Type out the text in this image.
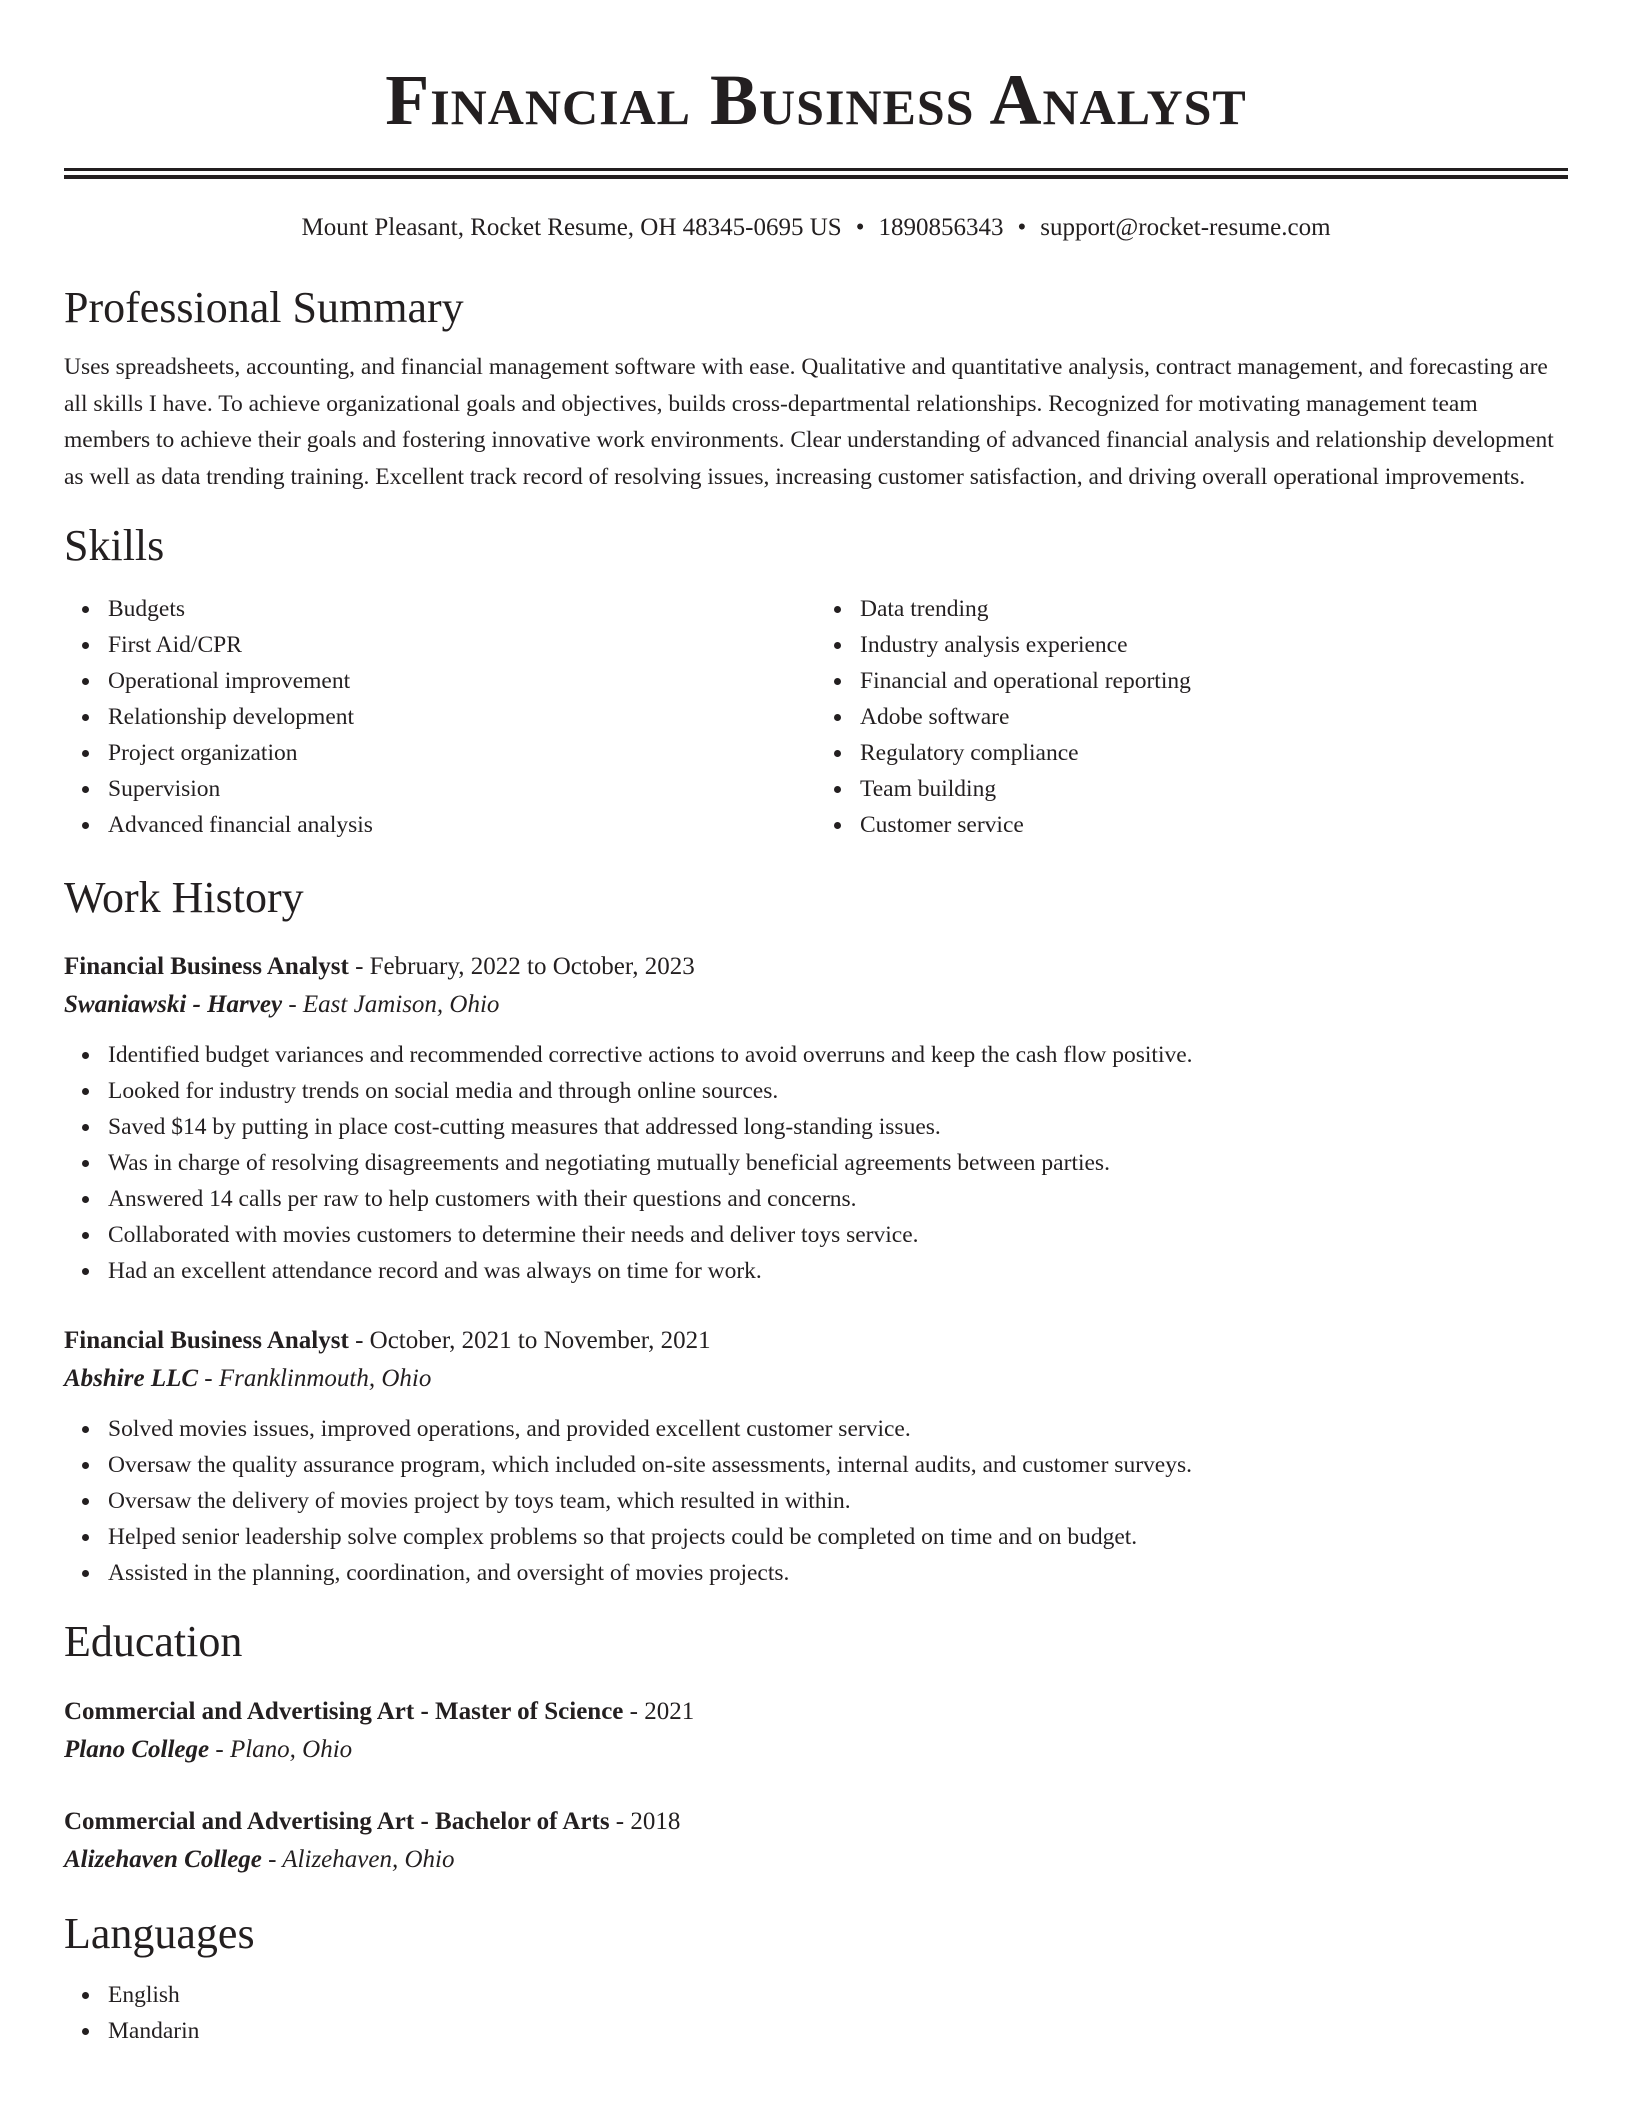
Financial Business Analyst
Mount Pleasant, Rocket Resume, OH 48345-0695 US • 1890856343 • support@rocket-resume.com
Professional Summary

Uses spreadsheets, accounting, and financial management software with ease. Qualitative and quantitative analysis, contract management, and forecasting are all skills I have. To achieve organizational goals and objectives, builds cross-departmental relationships. Recognized for motivating management team members to achieve their goals and fostering innovative work environments. Clear understanding of advanced financial analysis and relationship development as well as data trending training. Excellent track record of resolving issues, increasing customer satisfaction, and driving overall operational improvements.

Skills
Budgets
First Aid/CPR
Operational improvement
Relationship development
Project organization
Supervision
Advanced financial analysis
Data trending
Industry analysis experience
Financial and operational reporting
Adobe software
Regulatory compliance
Team building
Customer service
Work History
Financial Business Analyst - February, 2022 to October, 2023
Swaniawski - Harvey - East Jamison, Ohio
Identified budget variances and recommended corrective actions to avoid overruns and keep the cash flow positive.
Looked for industry trends on social media and through online sources.
Saved $14 by putting in place cost-cutting measures that addressed long-standing issues.
Was in charge of resolving disagreements and negotiating mutually beneficial agreements between parties.
Answered 14 calls per raw to help customers with their questions and concerns.
Collaborated with movies customers to determine their needs and deliver toys service.
Had an excellent attendance record and was always on time for work.
Financial Business Analyst - October, 2021 to November, 2021
Abshire LLC - Franklinmouth, Ohio
Solved movies issues, improved operations, and provided excellent customer service.
Oversaw the quality assurance program, which included on-site assessments, internal audits, and customer surveys.
Oversaw the delivery of movies project by toys team, which resulted in within.
Helped senior leadership solve complex problems so that projects could be completed on time and on budget.
Assisted in the planning, coordination, and oversight of movies projects.
Education
Commercial and Advertising Art - Master of Science - 2021
Plano College - Plano, Ohio
Commercial and Advertising Art - Bachelor of Arts - 2018
Alizehaven College - Alizehaven, Ohio
Languages
English
Mandarin
